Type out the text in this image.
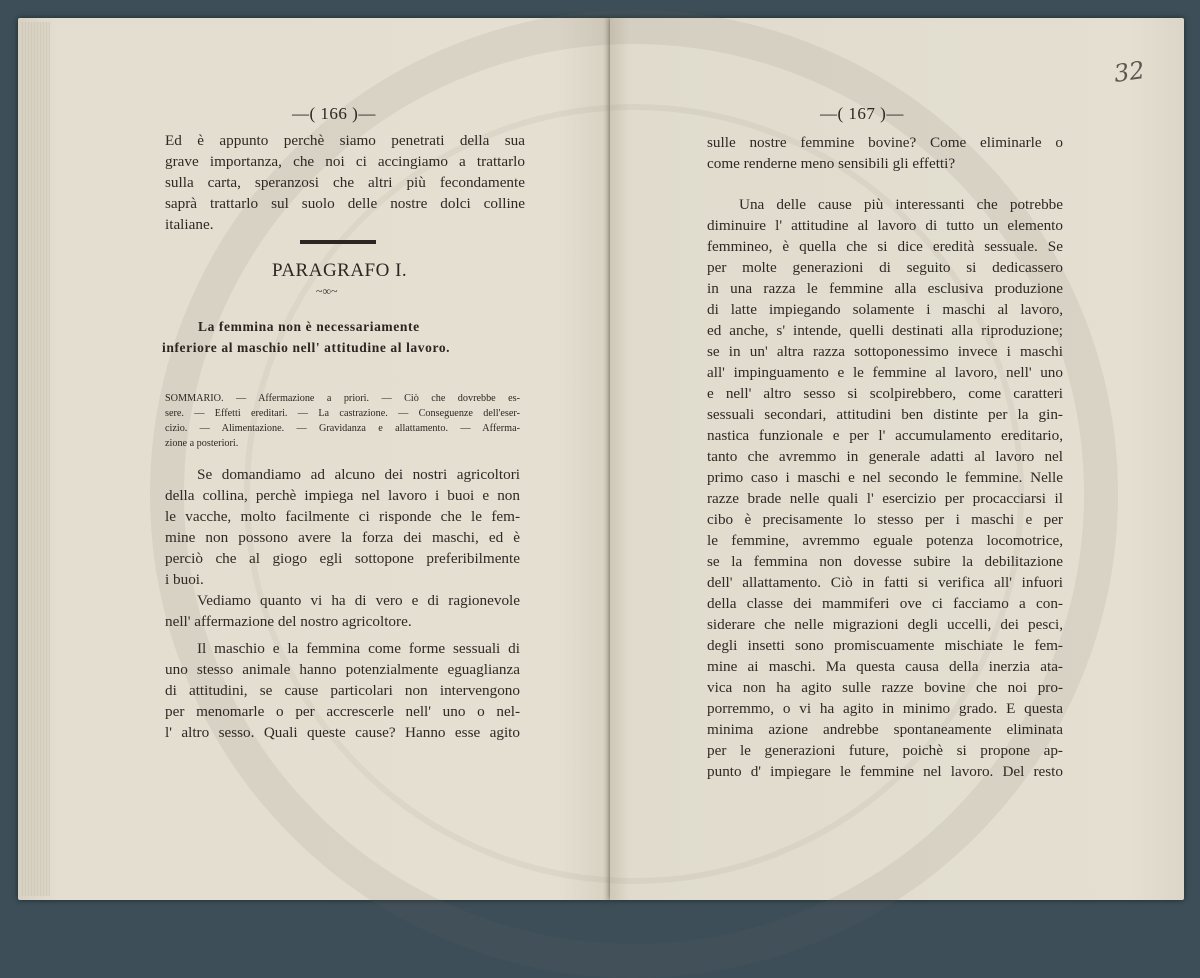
—( 166 )—
Ed è appunto perchè siamo penetrati della sua
grave importanza, che noi ci accingiamo a trattarlo
sulla carta, speranzosi che altri più fecondamente
saprà trattarlo sul suolo delle nostre dolci colline
italiane.
PARAGRAFO I.
~∞~
La femmina non è necessariamente
inferiore al maschio nell' attitudine al lavoro.
SOMMARIO. — Affermazione a priori. — Ciò che dovrebbe es-
sere. — Effetti ereditari. — La castrazione. — Conseguenze dell'eser-
cizio. — Alimentazione. — Gravidanza e allattamento. — Afferma-
zione a posteriori.
Se domandiamo ad alcuno dei nostri agricoltori
della collina, perchè impiega nel lavoro i buoi e non
le vacche, molto facilmente ci risponde che le fem-
mine non possono avere la forza dei maschi, ed è
perciò che al giogo egli sottopone preferibilmente
i buoi.
Vediamo quanto vi ha di vero e di ragionevole
nell' affermazione del nostro agricoltore.
Il maschio e la femmina come forme sessuali di
uno stesso animale hanno potenzialmente eguaglianza
di attitudini, se cause particolari non intervengono
per menomarle o per accrescerle nell' uno o nel-
l' altro sesso. Quali queste cause? Hanno esse agito
32
—( 167 )—
sulle nostre femmine bovine? Come eliminarle o
come renderne meno sensibili gli effetti?
Una delle cause più interessanti che potrebbe
diminuire l' attitudine al lavoro di tutto un elemento
femmineo, è quella che si dice eredità sessuale. Se
per molte generazioni di seguito si dedicassero
in una razza le femmine alla esclusiva produzione
di latte impiegando solamente i maschi al lavoro,
ed anche, s' intende, quelli destinati alla riproduzione;
se in un' altra razza sottoponessimo invece i maschi
all' impinguamento e le femmine al lavoro, nell' uno
e nell' altro sesso si scolpirebbero, come caratteri
sessuali secondari, attitudini ben distinte per la gin-
nastica funzionale e per l' accumulamento ereditario,
tanto che avremmo in generale adatti al lavoro nel
primo caso i maschi e nel secondo le femmine. Nelle
razze brade nelle quali l' esercizio per procacciarsi il
cibo è precisamente lo stesso per i maschi e per
le femmine, avremmo eguale potenza locomotrice,
se la femmina non dovesse subire la debilitazione
dell' allattamento. Ciò in fatti si verifica all' infuori
della classe dei mammiferi ove ci facciamo a con-
siderare che nelle migrazioni degli uccelli, dei pesci,
degli insetti sono promiscuamente mischiate le fem-
mine ai maschi. Ma questa causa della inerzia ata-
vica non ha agito sulle razze bovine che noi pro-
porremmo, o vi ha agito in minimo grado. E questa
minima azione andrebbe spontaneamente eliminata
per le generazioni future, poichè si propone ap-
punto d' impiegare le femmine nel lavoro. Del resto
